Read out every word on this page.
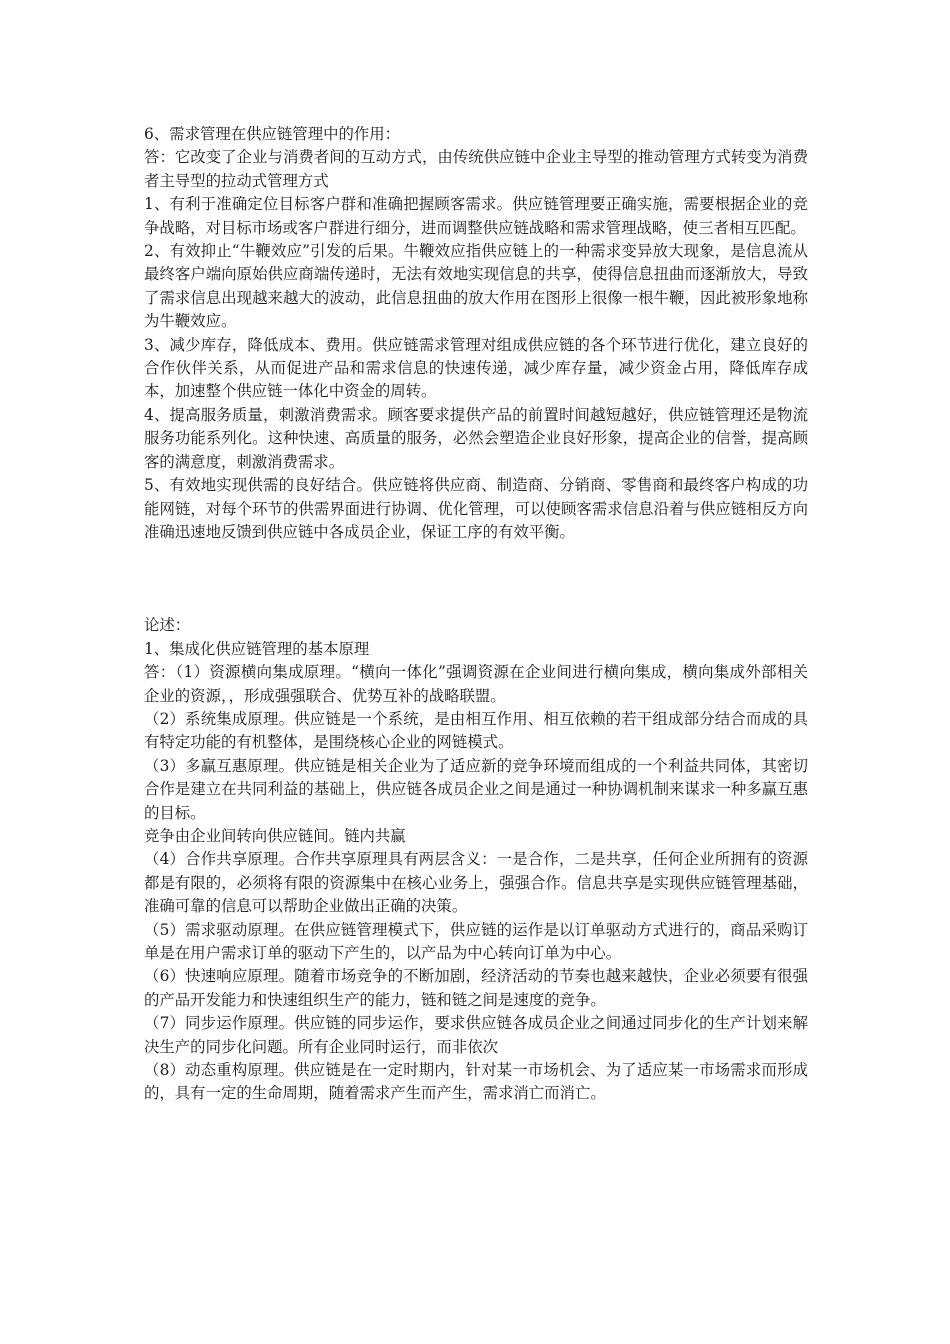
6、需求管理在供应链管理中的作用：

答：它改变了企业与消费者间的互动方式，由传统供应链中企业主导型的推动管理方式转变为消费者主导型的拉动式管理方式

1、有利于准确定位目标客户群和准确把握顾客需求。供应链管理要正确实施，需要根据企业的竞争战略，对目标市场或客户群进行细分，进而调整供应链战略和需求管理战略，使三者相互匹配。

2、有效抑止“牛鞭效应”引发的后果。牛鞭效应指供应链上的一种需求变异放大现象，是信息流从最终客户端向原始供应商端传递时，无法有效地实现信息的共享，使得信息扭曲而逐渐放大，导致了需求信息出现越来越大的波动，此信息扭曲的放大作用在图形上很像一根牛鞭，因此被形象地称为牛鞭效应。

3、减少库存，降低成本、费用。供应链需求管理对组成供应链的各个环节进行优化，建立良好的合作伙伴关系，从而促进产品和需求信息的快速传递，减少库存量，减少资金占用，降低库存成本，加速整个供应链一体化中资金的周转。

4、提高服务质量，刺激消费需求。顾客要求提供产品的前置时间越短越好，供应链管理还是物流服务功能系列化。这种快速、高质量的服务，必然会塑造企业良好形象，提高企业的信誉，提高顾客的满意度，刺激消费需求。

5、有效地实现供需的良好结合。供应链将供应商、制造商、分销商、零售商和最终客户构成的功能网链，对每个环节的供需界面进行协调、优化管理，可以使顾客需求信息沿着与供应链相反方向准确迅速地反馈到供应链中各成员企业，保证工序的有效平衡。

论述：

1、集成化供应链管理的基本原理

答：（1）资源横向集成原理。“横向一体化”强调资源在企业间进行横向集成，横向集成外部相关企业的资源，，形成强强联合、优势互补的战略联盟。

（2）系统集成原理。供应链是一个系统，是由相互作用、相互依赖的若干组成部分结合而成的具有特定功能的有机整体，是围绕核心企业的网链模式。

（3）多赢互惠原理。供应链是相关企业为了适应新的竞争环境而组成的一个利益共同体，其密切合作是建立在共同利益的基础上，供应链各成员企业之间是通过一种协调机制来谋求一种多赢互惠的目标。

竞争由企业间转向供应链间。链内共赢

（4）合作共享原理。合作共享原理具有两层含义：一是合作，二是共享，任何企业所拥有的资源都是有限的，必须将有限的资源集中在核心业务上，强强合作。信息共享是实现供应链管理基础，准确可靠的信息可以帮助企业做出正确的决策。

（5）需求驱动原理。在供应链管理模式下，供应链的运作是以订单驱动方式进行的，商品采购订单是在用户需求订单的驱动下产生的，以产品为中心转向订单为中心。

（6）快速响应原理。随着市场竞争的不断加剧，经济活动的节奏也越来越快，企业必须要有很强的产品开发能力和快速组织生产的能力，链和链之间是速度的竞争。

（7）同步运作原理。供应链的同步运作，要求供应链各成员企业之间通过同步化的生产计划来解决生产的同步化问题。所有企业同时运行，而非依次

（8）动态重构原理。供应链是在一定时期内，针对某一市场机会、为了适应某一市场需求而形成的，具有一定的生命周期，随着需求产生而产生，需求消亡而消亡。
